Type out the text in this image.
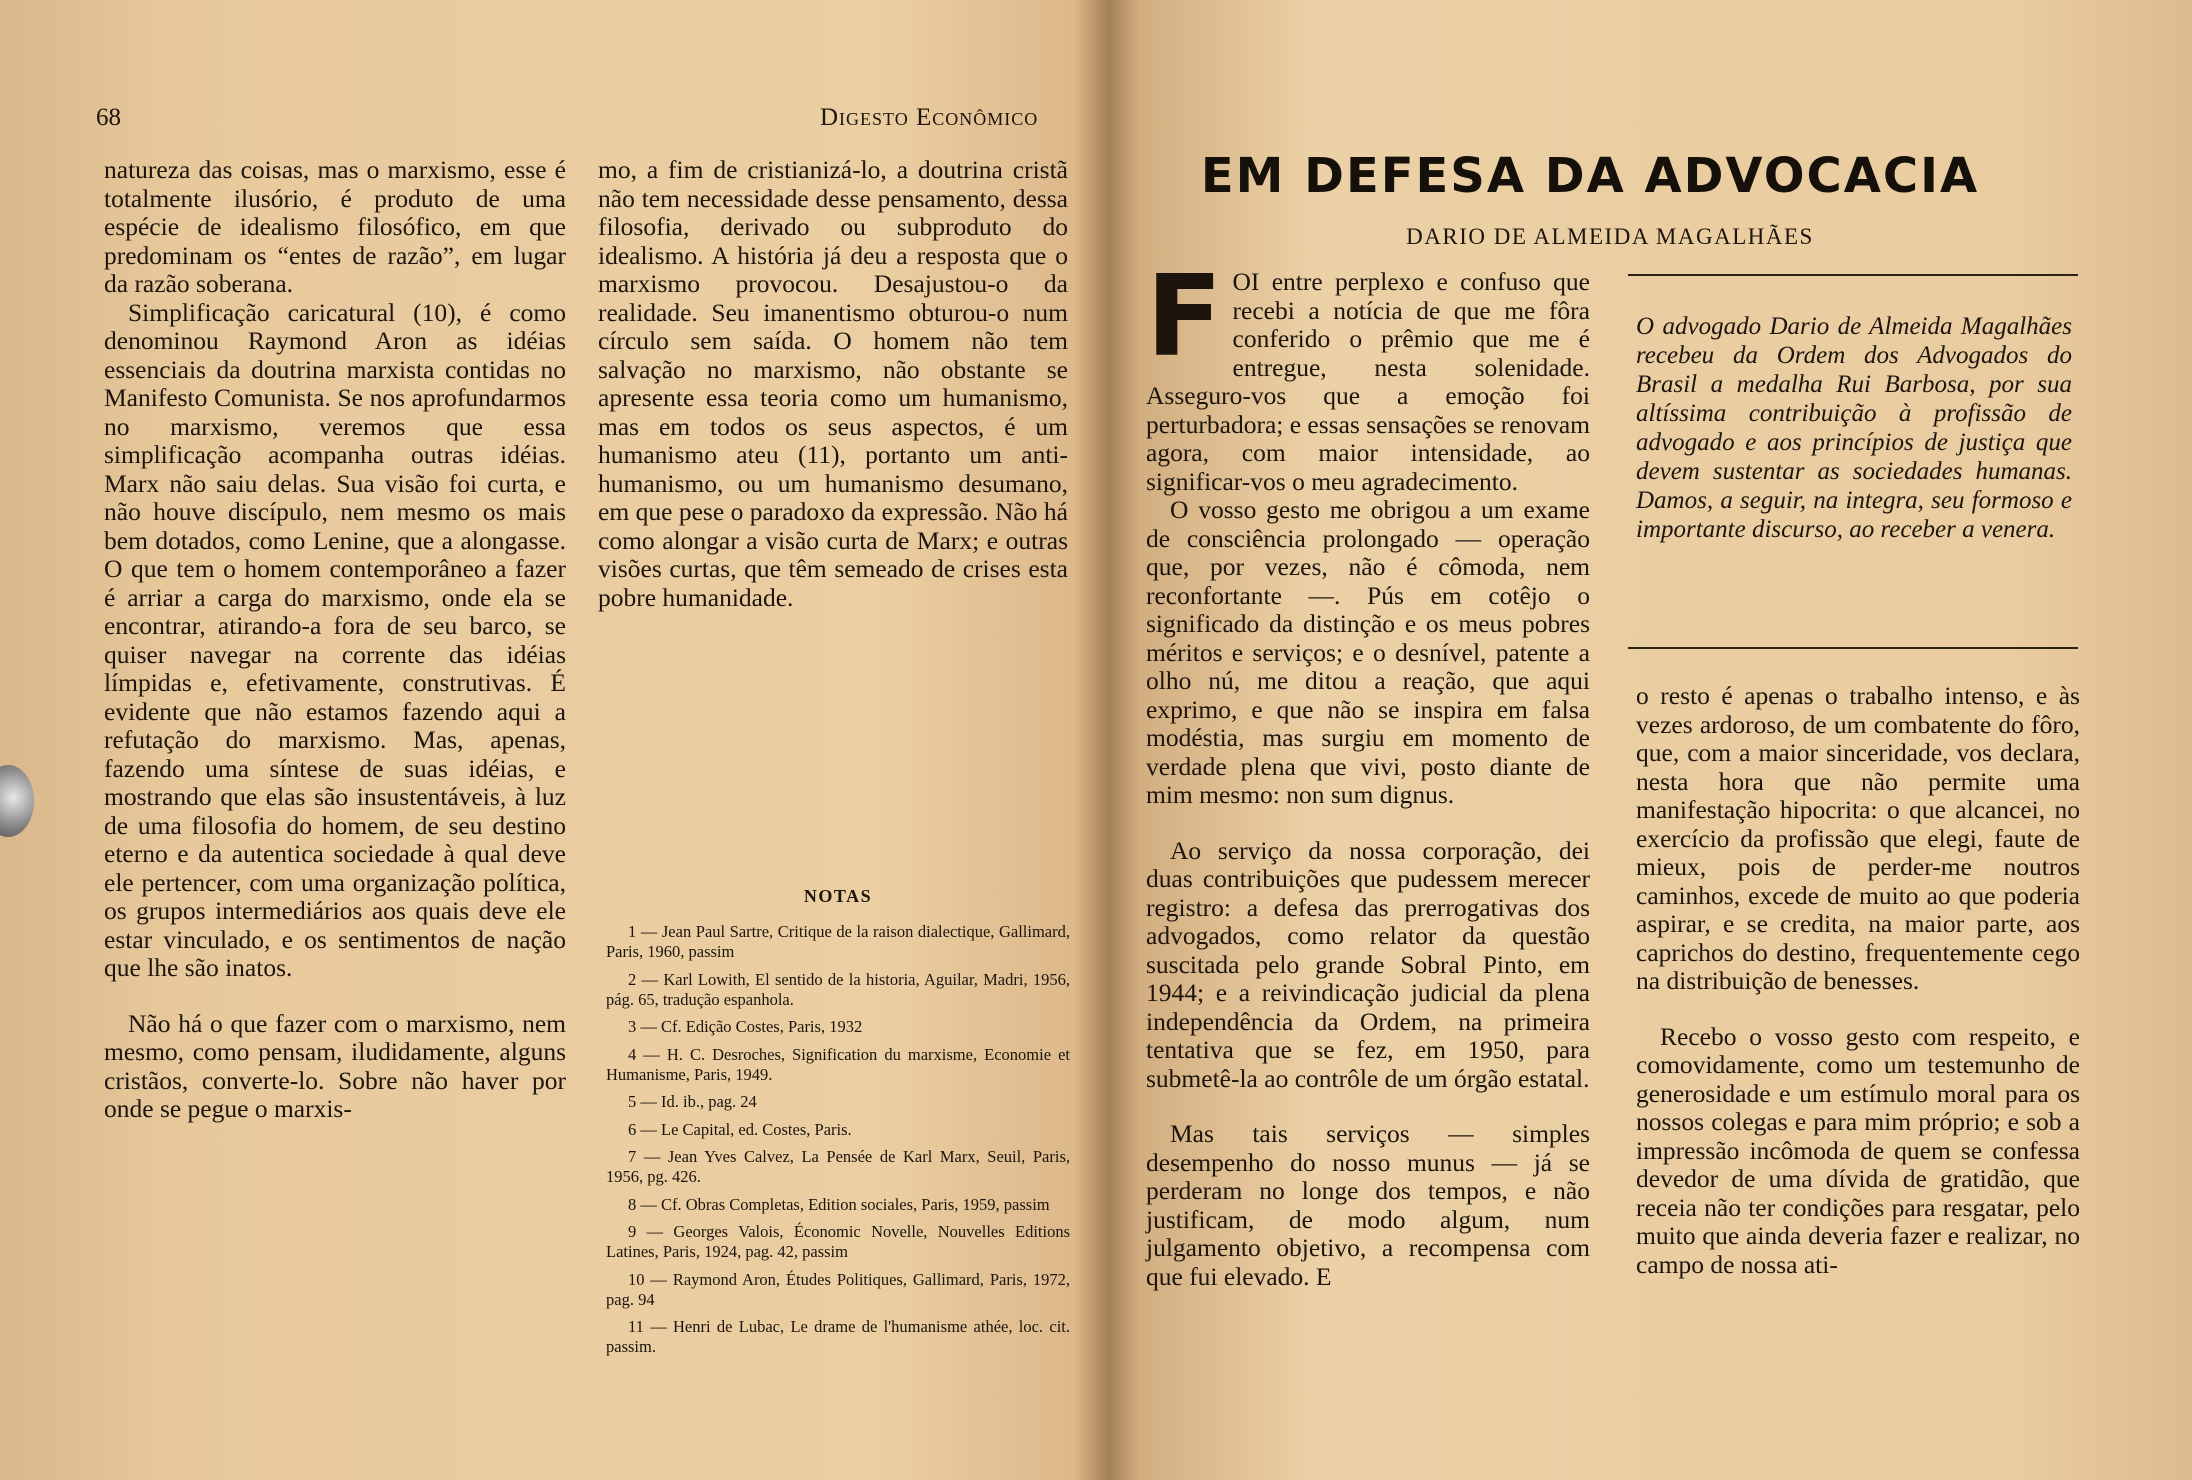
68	Digesto Econômico

natureza das coisas, mas o marxismo, esse é totalmente ilusório, é produto de uma espécie de idealismo filosófico, em que predominam os “entes de razão”, em lugar da razão soberana.

Simplificação caricatural (10), é como denominou Raymond Aron as idéias essenciais da doutrina marxista contidas no Manifesto Comunista. Se nos aprofundarmos no marxismo, veremos que essa simplificação acompanha outras idéias. Marx não saiu delas. Sua visão foi curta, e não houve discípulo, nem mesmo os mais bem dotados, como Lenine, que a alongasse. O que tem o homem contemporâneo a fazer é arriar a carga do marxismo, onde ela se encontrar, atirando-a fora de seu barco, se quiser navegar na corrente das idéias límpidas e, efetivamente, construtivas. É evidente que não estamos fazendo aqui a refutação do marxismo. Mas, apenas, fazendo uma síntese de suas idéias, e mostrando que elas são insustentáveis, à luz de uma filosofia do homem, de seu destino eterno e da autentica sociedade à qual deve ele pertencer, com uma organização política, os grupos intermediários aos quais deve ele estar vinculado, e os sentimentos de nação que lhe são inatos.

Não há o que fazer com o marxismo, nem mesmo, como pensam, iludidamente, alguns cristãos, converte-lo. Sobre não haver por onde se pegue o marxis-

mo, a fim de cristianizá-lo, a doutrina cristã não tem necessidade desse pensamento, dessa filosofia, derivado ou subproduto do idealismo. A história já deu a resposta que o marxismo provocou. Desajustou-o da realidade. Seu imanentismo obturou-o num círculo sem saída. O homem não tem salvação no marxismo, não obstante se apresente essa teoria como um humanismo, mas em todos os seus aspectos, é um humanismo ateu (11), portanto um anti-humanismo, ou um humanismo desumano, em que pese o paradoxo da expressão. Não há como alongar a visão curta de Marx; e outras visões curtas, que têm semeado de crises esta pobre humanidade.

NOTAS
1 — Jean Paul Sartre, Critique de la raison dialectique, Gallimard, Paris, 1960, passim
2 — Karl Lowith, El sentido de la historia, Aguilar, Madri, 1956, pág. 65, tradução espanhola.
3 — Cf. Edição Costes, Paris, 1932
4 — H. C. Desroches, Signification du marxisme, Economie et Humanisme, Paris, 1949.
5 — Id. ib., pag. 24
6 — Le Capital, ed. Costes, Paris.
7 — Jean Yves Calvez, La Pensée de Karl Marx, Seuil, Paris, 1956, pg. 426.
8 — Cf. Obras Completas, Edition sociales, Paris, 1959, passim
9 — Georges Valois, Économic Novelle, Nouvelles Editions Latines, Paris, 1924, pag. 42, passim
10 — Raymond Aron, Études Politiques, Gallimard, Paris, 1972, pag. 94
11 — Henri de Lubac, Le drame de l'humanisme athée, loc. cit. passim.
EM DEFESA DA ADVOCACIA
DARIO DE ALMEIDA MAGALHÃES
O advogado Dario de Almeida Magalhães recebeu da Ordem dos Advogados do Brasil a medalha Rui Barbosa, por sua altíssima contribuição à profissão de advogado e aos princípios de justiça que devem sustentar as sociedades humanas. Damos, a seguir, na integra, seu formoso e importante discurso, ao receber a venera.

FOI entre perplexo e confuso que recebi a notícia de que me fôra conferido o prêmio que me é entregue, nesta solenidade. Asseguro-vos que a emoção foi perturbadora; e essas sensações se renovam agora, com maior intensidade, ao significar-vos o meu agradecimento.

O vosso gesto me obrigou a um exame de consciência prolongado — operação que, por vezes, não é cômoda, nem reconfortante —. Pús em cotêjo o significado da distinção e os meus pobres méritos e serviços; e o desnível, patente a olho nú, me ditou a reação, que aqui exprimo, e que não se inspira em falsa modéstia, mas surgiu em momento de verdade plena que vivi, posto diante de mim mesmo: non sum dignus.

Ao serviço da nossa corporação, dei duas contribuições que pudessem merecer registro: a defesa das prerrogativas dos advogados, como relator da questão suscitada pelo grande Sobral Pinto, em 1944; e a reivindicação judicial da plena independência da Ordem, na primeira tentativa que se fez, em 1950, para submetê-la ao contrôle de um órgão estatal.

Mas tais serviços — simples desempenho do nosso munus — já se perderam no longe dos tempos, e não justificam, de modo algum, num julgamento objetivo, a recompensa com que fui elevado. E

o resto é apenas o trabalho intenso, e às vezes ardoroso, de um combatente do fôro, que, com a maior sinceridade, vos declara, nesta hora que não permite uma manifestação hipocrita: o que alcancei, no exercício da profissão que elegi, faute de mieux, pois de perder-me noutros caminhos, excede de muito ao que poderia aspirar, e se credita, na maior parte, aos caprichos do destino, frequentemente cego na distribuição de benesses.

Recebo o vosso gesto com respeito, e comovidamente, como um testemunho de generosidade e um estímulo moral para os nossos colegas e para mim próprio; e sob a impressão incômoda de quem se confessa devedor de uma dívida de gratidão, que receia não ter condições para resgatar, pelo muito que ainda deveria fazer e realizar, no campo de nossa ati-
